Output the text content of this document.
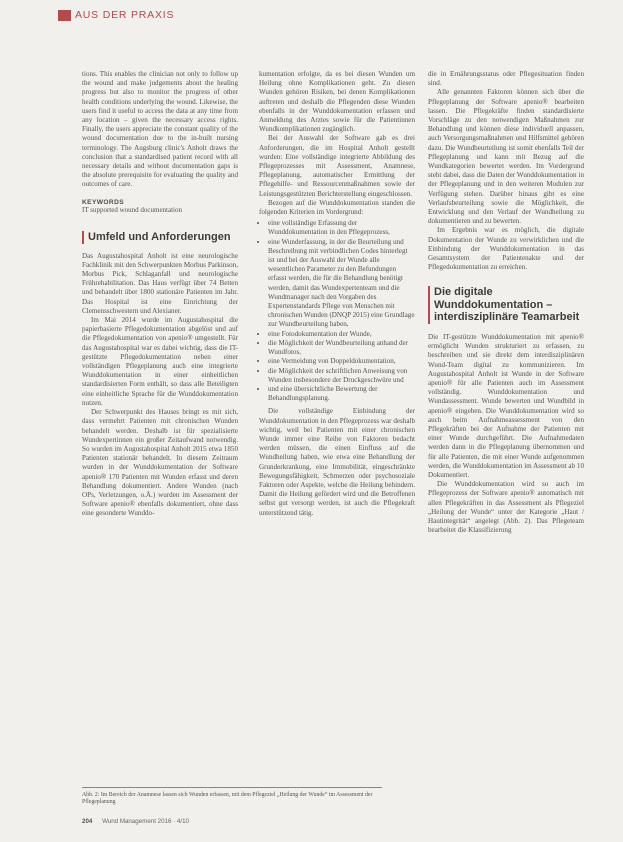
AUS DER PRAXIS

tions. This enables the clinician not only to follow up the wound and make judgements about the healing progress but also to monitor the progress of other health conditions underlying the wound. Likewise, the users find it useful to access the data at any time from any location – given the necessary access rights. Finally, the users appreciate the constant quality of the wound documentation due to the in-built nursing terminology. The Augsburg clinic's Anholt draws the conclusion that a standardised patient record with all necessary details and without documentation gaps is the absolute prerequisite for evaluating the quality and outcomes of care.

KEYWORDS
IT supported wound documentation
Umfeld und Anforderungen

Das Augustahospital Anholt ist eine neurologische Fachklinik mit den Schwerpunkten Morbus Parkinson, Morbus Pick, Schlaganfall und neurologische Frührehabilitation. Das Haus verfügt über 74 Betten und behandelt über 1800 stationäre Patienten im Jahr. Das Hospital ist eine Einrichtung der Clemensschwestern und Alexianer.

Im Mai 2014 wurde im Augustahospital die papierbasierte Pflegedokumentation abgelöst und auf die Pflegedokumentation von apenio® umgestellt. Für das Augustahospital war es dabei wichtig, dass die IT-gestützte Pflegedokumentation neben einer vollständigen Pflegeplanung auch eine integrierte Wunddokumentation in einer einheitlichen standardisierten Form enthält, so dass alle Beteiligten eine einheitliche Sprache für die Wunddokumentation nutzen.

Der Schwerpunkt des Hauses bringt es mit sich, dass vermehrt Patienten mit chronischen Wunden behandelt werden. Deshalb ist für spezialisierte Wundexpertinnen ein großer Zeitaufwand notwendig. So wurden im Augustahospital Anholt 2015 etwa 1850 Patienten stationär behandelt. In diesem Zeitraum wurden in der Wunddokumentation der Software apenio® 170 Patienten mit Wunden erfasst und deren Behandlung dokumentiert. Andere Wunden (nach OPs, Verletzungen, o.Ä.) wurden im Assessment der Software apenio® ebenfalls dokumentiert, ohne dass eine gesonderte Wunddo-

kumentation erfolgte, da es bei diesen Wunden um Heilung ohne Komplikationen geht. Zu diesen Wunden gehören Risiken, bei denen Komplikationen auftreten und deshalb die Pflegenden diese Wunden ebenfalls in der Wunddokumentation erfassen und Anmeldung des Arztes sowie für die Patientinnen Wundkomplikationen zugänglich.

Bei der Auswahl der Software gab es drei Anforderungen, die im Hospital Anholt gestellt wurden: Eine vollständige integrierte Abbildung des Pflegeprozesses mit Assessment, Anamnese, Pflegeplanung, automatischer Ermittlung der Pflegehilfe- und Ressourcenmaßnahmen sowie der Leistungsgestützten Berichterstellung eingeschlossen.

Bezogen auf die Wunddokumentation standen die folgenden Kriterien im Vordergrund:

• eine vollständige Erfassung der Wunddokumentation in den Pflegeprozess,
• eine Wunderfassung, in der die Beurteilung und Beschreibung mit verbindlichen Codes hinterlegt ist und bei der Auswahl der Wunde alle wesentlichen Parameter zu den Befundungen erfasst werden, die für die Behandlung benötigt werden, damit das Wundexpertenteam und die Wundmanager nach den Vorgaben des Expertenstandards Pflege von Menschen mit chronischen Wunden (DNQP 2015) eine Grundlage zur Wundbeurteilung haben,
• eine Fotodokumentation der Wunde,
• die Möglichkeit der Wundbeurteilung anhand der Wundfotos,
• eine Vermeidung von Doppeldokumentation,
• die Möglichkeit der schriftlichen Anweisung von Wunden insbesondere der Druckgeschwüre und
• und eine übersichtliche Bewertung der Behandlungsplanung.

Die vollständige Einbindung der Wunddokumentation in den Pflegeprozess war deshalb wichtig, weil bei Patienten mit einer chronischen Wunde immer eine Reihe von Faktoren bedacht werden müssen, die einen Einfluss auf die Wundheilung haben, wie etwa eine Behandlung der Grunderkrankung, eine Immobilität, eingeschränkte Bewegungsfähigkeit, Schmerzen oder psychosoziale Faktoren oder Aspekte, welche die Heilung behindern. Damit die Heilung gefördert wird und die Betroffenen selbst gut versorgt werden, ist auch die Pflegekraft unterstützend tätig.

die in Ernährungsstatus oder Pflegesituation finden sind.

Alle genannten Faktoren können sich über die Pflegeplanung der Software apenio® bearbeiten lassen. Die Pflegekräfte finden standardisierte Vorschläge zu den notwendigen Maßnahmen zur Behandlung und können diese individuell anpassen, auch Versorgungsmaßnahmen und Hilfsmittel gehören dazu. Die Wundbeurteilung ist somit ebenfalls Teil der Pflegeplanung und kann mit Bezug auf die Wundkategorien bewertet werden. Im Vordergrund steht dabei, dass die Daten der Wunddokumentation in der Pflegeplanung und in den weiteren Modulen zur Verfügung stehen. Darüber hinaus gibt es eine Verlaufsbeurteilung sowie die Möglichkeit, die Entwicklung und den Verlauf der Wundheilung zu dokumentieren und zu bewerten.

Im Ergebnis war es möglich, die digitale Dokumentation der Wunde zu verwirklichen und die Einbindung der Wunddokumentation in das Gesamtsystem der Patientenakte und der Pflegedokumentation zu erreichen.

Die digitale Wunddokumentation – interdisziplinäre Teamarbeit

Die IT-gestützte Wunddokumentation mit apenio® ermöglicht Wunden strukturiert zu erfassen, zu beschreiben und sie direkt dem interdisziplinären Wund-Team digital zu kommunizieren. Im Augustahospital Anholt ist Wunde in der Software apenio® für alle Patienten auch im Assessment vollständig. Wunddokumentation und Wundassessment. Wunde bewerten und Wundbild in apenio® eingeben. Die Wunddokumentation wird so auch beim Aufnahmeassessment von den Pflegekräften bei der Aufnahme der Patienten mit einer Wunde durchgeführt. Die Aufnahmedaten werden dann in die Pflegeplanung übernommen und für alle Patienten, die mit einer Wunde aufgenommen werden, die Wunddokumentation im Assessment ab 10 Dokumentiert.

Die Wunddokumentation wird so auch im Pflegeprozess der Software apenio® automatisch mit allen Pflegekräften in das Assessment als Pflegeziel „Heilung der Wunde“ unter der Kategorie „Haut / Hautintegrität“ angelegt (Abb. 2). Das Pflegeteam bearbeitet die Klassifizierung

Abb. 2: Im Bereich der Anamnese lassen sich Wunden erfassen, mit dem Pflegeziel „Heilung der Wunde“ im Assessment der Pflegeplanung
204 Wund Management 2016 · 4/10
